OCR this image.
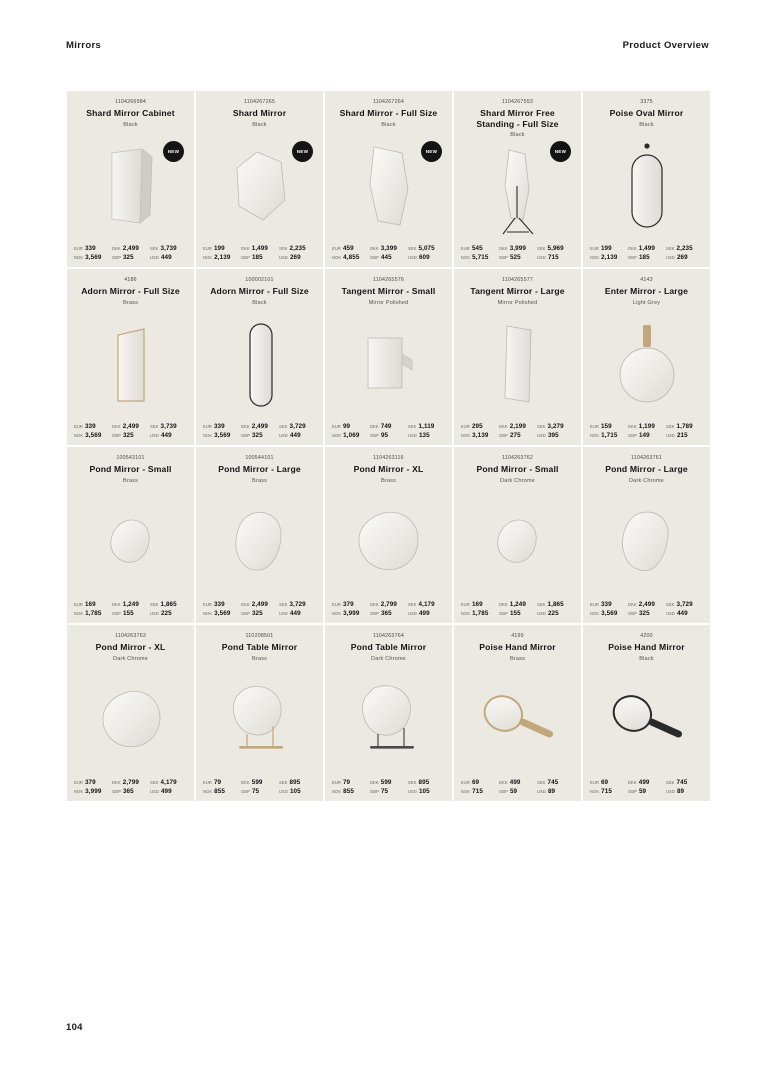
Mirrors	Product Overview
1104266984
Shard Mirror Cabinet
Black
NEW
EUR 339	DKK 2,499	SEK 3,739
NOK 3,569	GBP 325	USD 449
1104267265
Shard Mirror
Black
NEW
EUR 199	DKK 1,499	SEK 2,235
NOK 2,139	GBP 185	USD 269
1104267264
Shard Mirror - Full Size
Black
NEW
EUR 459	DKK 3,399	SEK 5,075
NOK 4,855	GBP 445	USD 609
1104267553
Shard Mirror Free Standing - Full Size
Black
NEW
EUR 545	DKK 3,999	SEK 5,969
NOK 5,715	GBP 525	USD 715
3375
Poise Oval Mirror
Black
EUR 199	DKK 1,499	SEK 2,235
NOK 2,139	GBP 185	USD 269
4186
Adorn Mirror - Full Size
Brass
EUR 339	DKK 2,499	SEK 3,739
NOK 3,569	GBP 325	USD 449
100002101
Adorn Mirror - Full Size
Black
EUR 339	DKK 2,499	SEK 3,729
NOK 3,569	GBP 325	USD 449
1104265576
Tangent Mirror - Small
Mirror Polished
EUR 99	DKK 749	SEK 1,119
NOK 1,069	GBP 95	USD 135
1104265577
Tangent Mirror - Large
Mirror Polished
EUR 295	DKK 2,199	SEK 3,279
NOK 3,139	GBP 275	USD 395
4143
Enter Mirror - Large
Light Grey
EUR 159	DKK 1,199	SEK 1,789
NOK 1,715	GBP 149	USD 215
100543101
Pond Mirror - Small
Brass
EUR 169	DKK 1,249	SEK 1,865
NOK 1,785	GBP 155	USD 225
100544101
Pond Mirror - Large
Brass
EUR 339	DKK 2,499	SEK 3,729
NOK 3,569	GBP 325	USD 449
1104263116
Pond Mirror - XL
Brass
EUR 379	DKK 2,799	SEK 4,179
NOK 3,999	GBP 365	USD 499
1104263762
Pond Mirror - Small
Dark Chrome
EUR 169	DKK 1,249	SEK 1,865
NOK 1,785	GBP 155	USD 225
1104263761
Pond Mirror - Large
Dark Chrome
EUR 339	DKK 2,499	SEK 3,729
NOK 3,569	GBP 325	USD 449
1104263763
Pond Mirror - XL
Dark Chrome
EUR 379	DKK 2,799	SEK 4,179
NOK 3,999	GBP 365	USD 499
110208501
Pond Table Mirror
Brass
EUR 79	DKK 599	SEK 895
NOK 855	GBP 75	USD 105
1104263764
Pond Table Mirror
Dark Chrome
EUR 79	DKK 599	SEK 895
NOK 855	GBP 75	USD 105
4199
Poise Hand Mirror
Brass
EUR 69	DKK 499	SEK 745
NOK 715	GBP 59	USD 89
4200
Poise Hand Mirror
Black
EUR 69	DKK 499	SEK 745
NOK 715	GBP 59	USD 89
104
